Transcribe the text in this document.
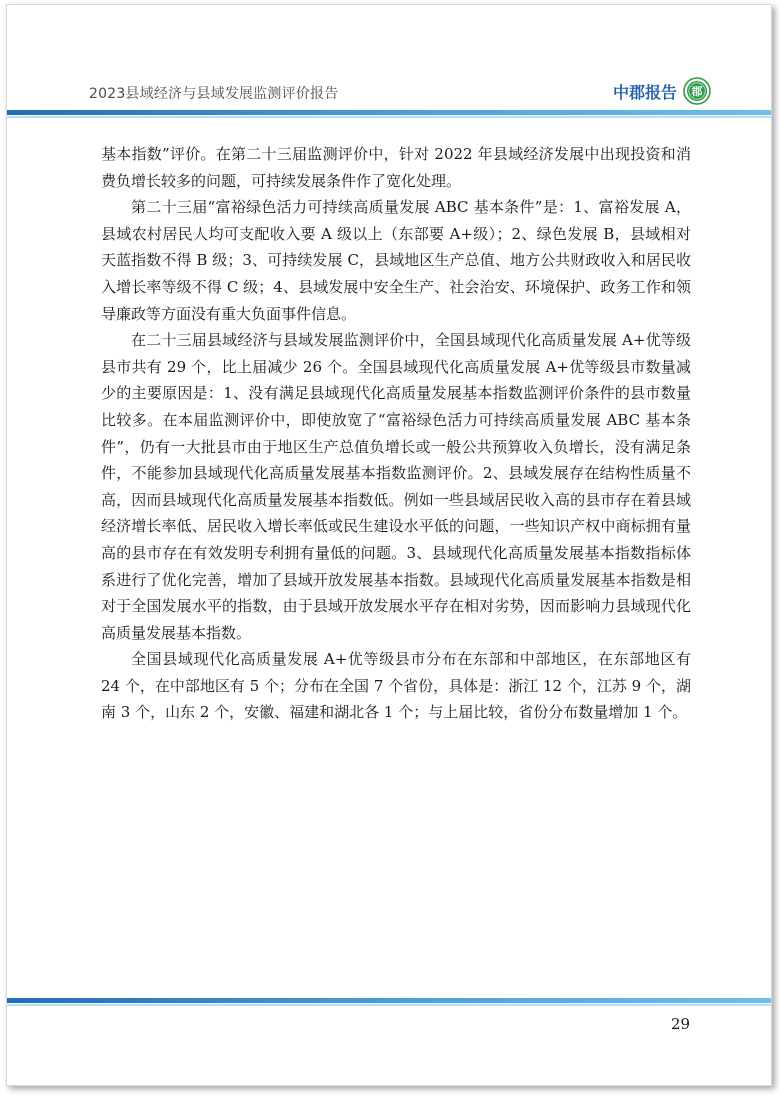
2023县域经济与县域发展监测评价报告	中郡报告 郡

基本指数”评价。在第二十三届监测评价中，针对 2022 年县域经济发展中出现投资和消费负增长较多的问题，可持续发展条件作了宽化处理。

第二十三届“富裕绿色活力可持续高质量发展 ABC 基本条件”是：1、富裕发展 A，县域农村居民人均可支配收入要 A 级以上（东部要 A+级）；2、绿色发展 B，县域相对天蓝指数不得 B 级；3、可持续发展 C，县域地区生产总值、地方公共财政收入和居民收入增长率等级不得 C 级；4、县域发展中安全生产、社会治安、环境保护、政务工作和领导廉政等方面没有重大负面事件信息。

在二十三届县域经济与县域发展监测评价中，全国县域现代化高质量发展 A+优等级县市共有 29 个，比上届减少 26 个。全国县域现代化高质量发展 A+优等级县市数量减少的主要原因是：1、没有满足县域现代化高质量发展基本指数监测评价条件的县市数量比较多。在本届监测评价中，即使放宽了“富裕绿色活力可持续高质量发展 ABC 基本条件”，仍有一大批县市由于地区生产总值负增长或一般公共预算收入负增长，没有满足条件，不能参加县域现代化高质量发展基本指数监测评价。2、县域发展存在结构性质量不高，因而县域现代化高质量发展基本指数低。例如一些县域居民收入高的县市存在着县域经济增长率低、居民收入增长率低或民生建设水平低的问题，一些知识产权中商标拥有量高的县市存在有效发明专利拥有量低的问题。3、县域现代化高质量发展基本指数指标体系进行了优化完善，增加了县域开放发展基本指数。县域现代化高质量发展基本指数是相对于全国发展水平的指数，由于县域开放发展水平存在相对劣势，因而影响力县域现代化高质量发展基本指数。

全国县域现代化高质量发展 A+优等级县市分布在东部和中部地区，在东部地区有 24 个，在中部地区有 5 个；分布在全国 7 个省份，具体是：浙江 12 个，江苏 9 个，湖南 3 个，山东 2 个，安徽、福建和湖北各 1 个；与上届比较，省份分布数量增加 1 个。

29
